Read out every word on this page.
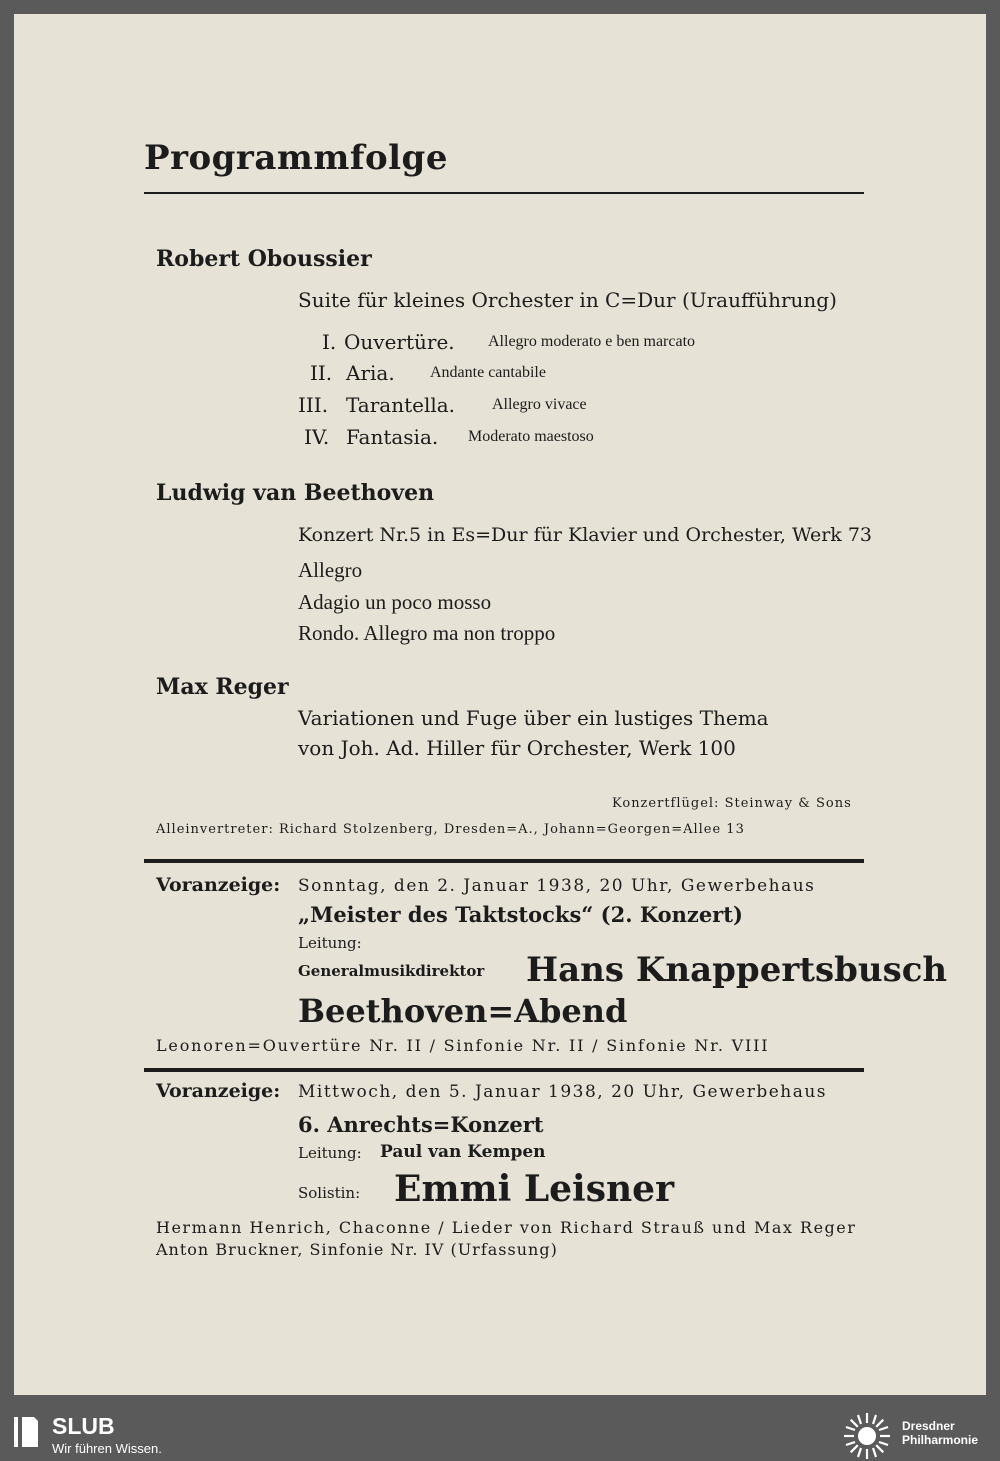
Programmfolge
Robert Oboussier
Suite für kleines Orchester in C=Dur (Uraufführung)
I. Ouvertüre. Allegro moderato e ben marcato
II. Aria. Andante cantabile
III. Tarantella. Allegro vivace
IV. Fantasia. Moderato maestoso
Ludwig van Beethoven
Konzert Nr.5 in Es=Dur für Klavier und Orchester, Werk 73
Allegro
Adagio un poco mosso
Rondo. Allegro ma non troppo
Max Reger
Variationen und Fuge über ein lustiges Thema
von Joh. Ad. Hiller für Orchester, Werk 100
Konzertflügel: Steinway & Sons
Alleinvertreter: Richard Stolzenberg, Dresden=A., Johann=Georgen=Allee 13
Voranzeige: Sonntag, den 2. Januar 1938, 20 Uhr, Gewerbehaus
„Meister des Taktstocks“ (2. Konzert)
Leitung:
Generalmusikdirektor Hans Knappertsbusch
Beethoven=Abend
Leonoren=Ouvertüre Nr. II / Sinfonie Nr. II / Sinfonie Nr. VIII
Voranzeige: Mittwoch, den 5. Januar 1938, 20 Uhr, Gewerbehaus
6. Anrechts=Konzert
Leitung: Paul van Kempen
Solistin: Emmi Leisner
Hermann Henrich, Chaconne / Lieder von Richard Strauß und Max Reger
Anton Bruckner, Sinfonie Nr. IV (Urfassung)
SLUB
Wir führen Wissen.
Dresdner
Philharmonie
